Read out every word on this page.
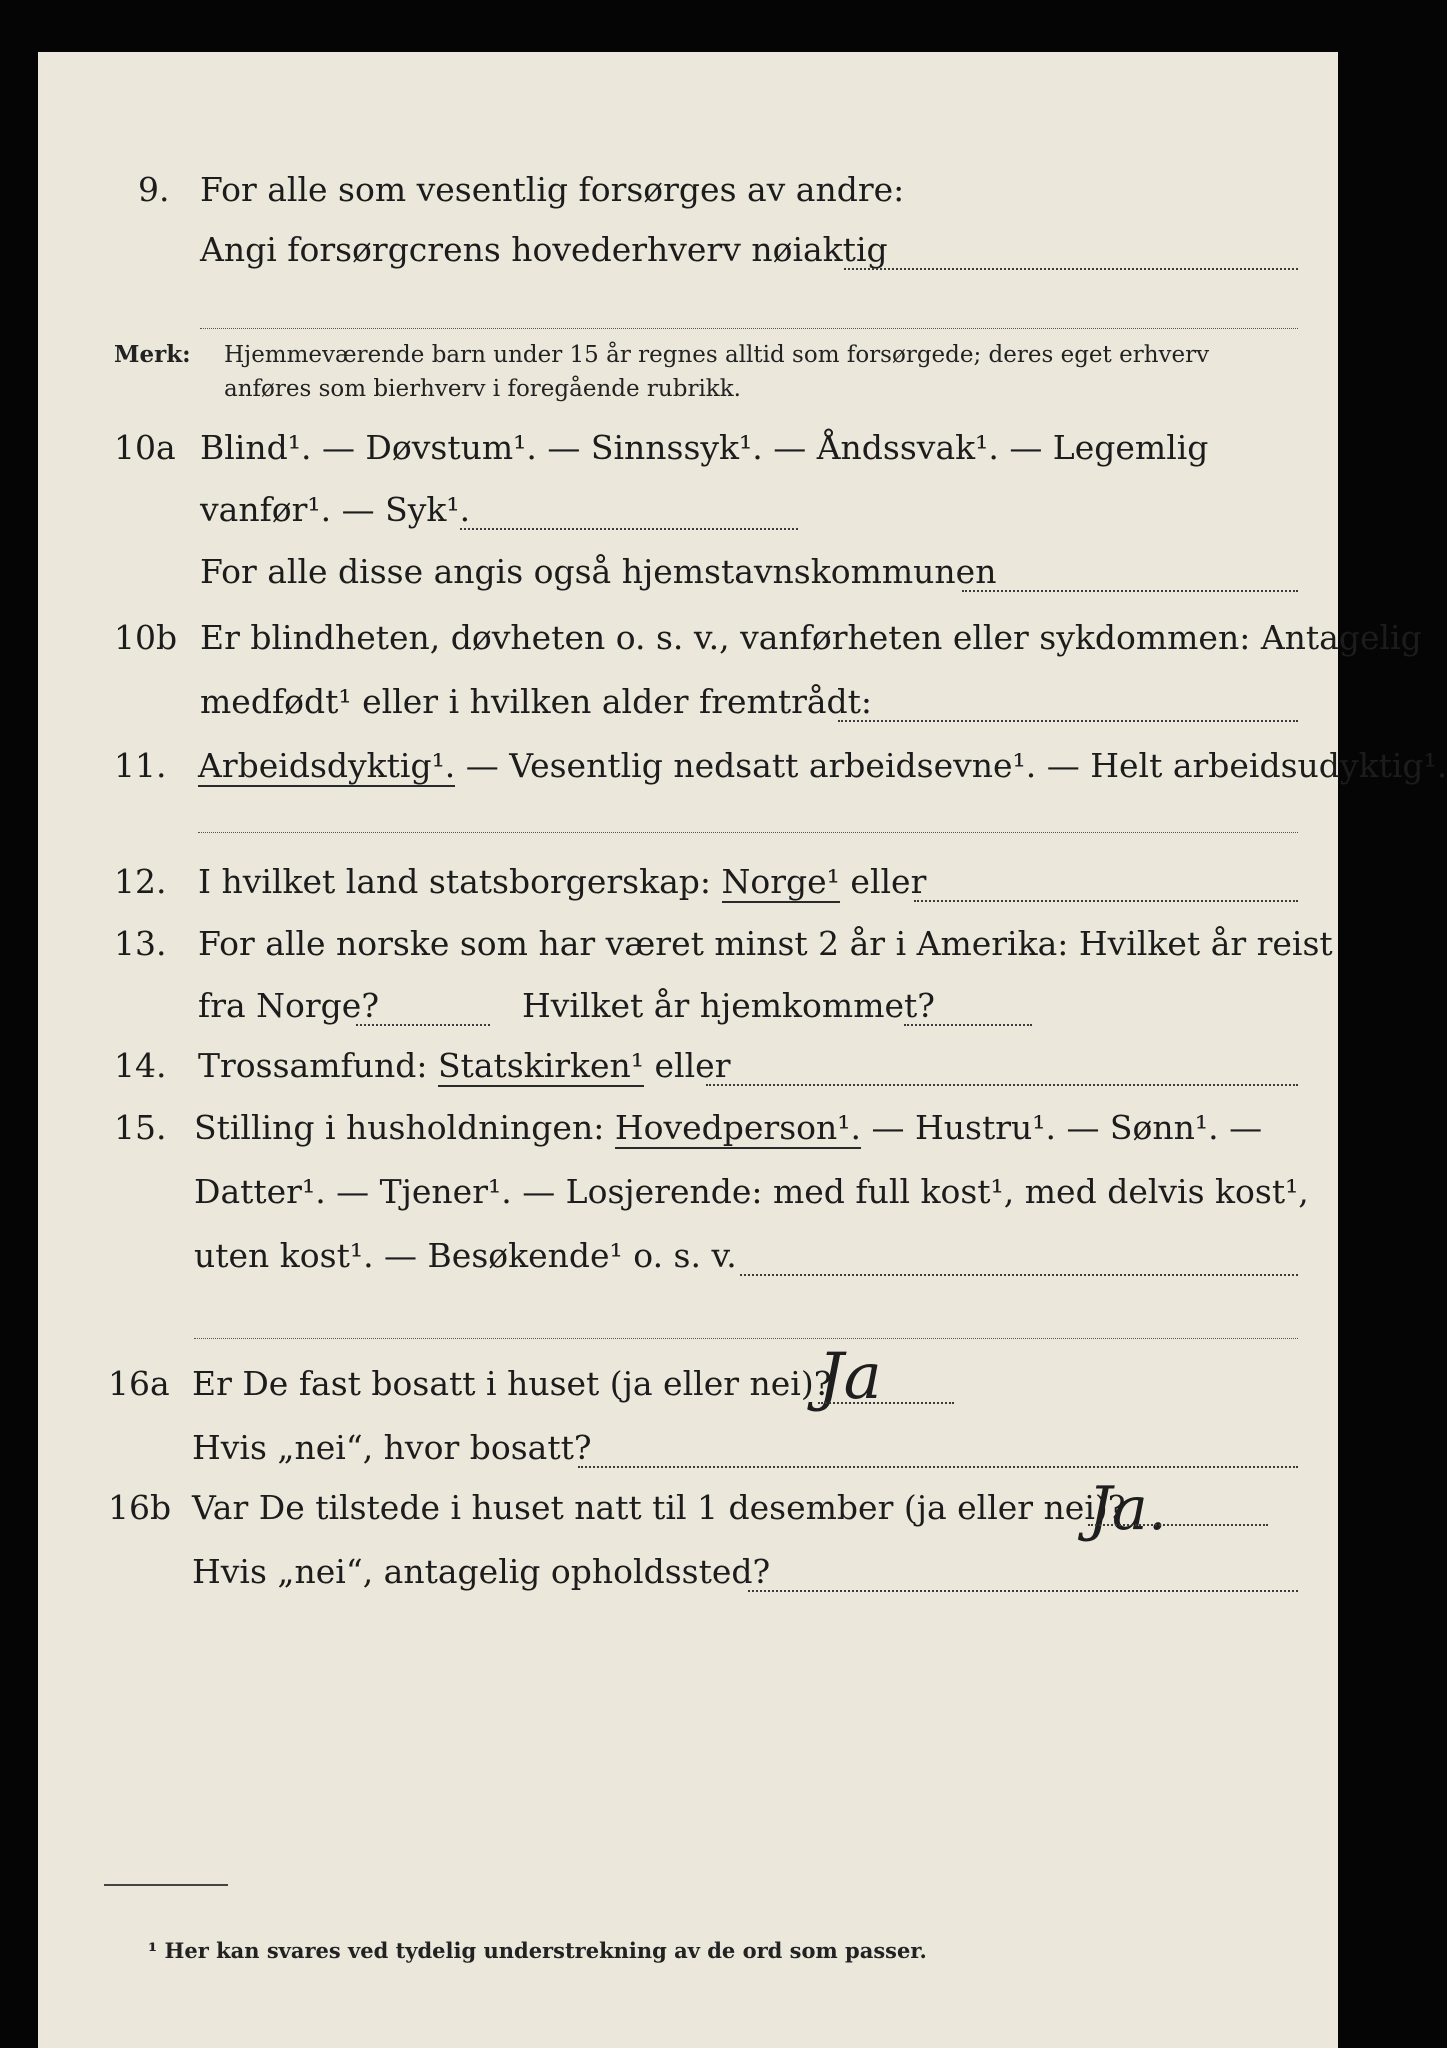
9. For alle som vesentlig forsørges av andre:
Angi forsørgcrens hovederhverv nøiaktig
Merk: Hjemmeværende barn under 15 år regnes alltid som forsørgede; deres eget erhverv
anføres som bierhverv i foregående rubrikk.
10a Blind¹. — Døvstum¹. — Sinnssyk¹. — Åndssvak¹. — Legemlig
vanfør¹. — Syk¹.
For alle disse angis også hjemstavnskommunen
10b Er blindheten, døvheten o. s. v., vanførheten eller sykdommen: Antagelig
medfødt¹ eller i hvilken alder fremtrådt:
11. Arbeidsdyktig¹. — Vesentlig nedsatt arbeidsevne¹. — Helt arbeidsudyktig¹.
12. I hvilket land statsborgerskap: Norge¹ eller
13. For alle norske som har været minst 2 år i Amerika: Hvilket år reist
fra Norge?	Hvilket år hjemkommet?
14. Trossamfund: Statskirken¹ eller
15. Stilling i husholdningen: Hovedperson¹. — Hustru¹. — Sønn¹. —
Datter¹. — Tjener¹. — Losjerende: med full kost¹, med delvis kost¹,
uten kost¹. — Besøkende¹ o. s. v.
16a Er De fast bosatt i huset (ja eller nei)?
Ja
Hvis „nei“, hvor bosatt?
16b Var De tilstede i huset natt til 1 desember (ja eller nei)?
Ja.
Hvis „nei“, antagelig opholdssted?
¹ Her kan svares ved tydelig understrekning av de ord som passer.
